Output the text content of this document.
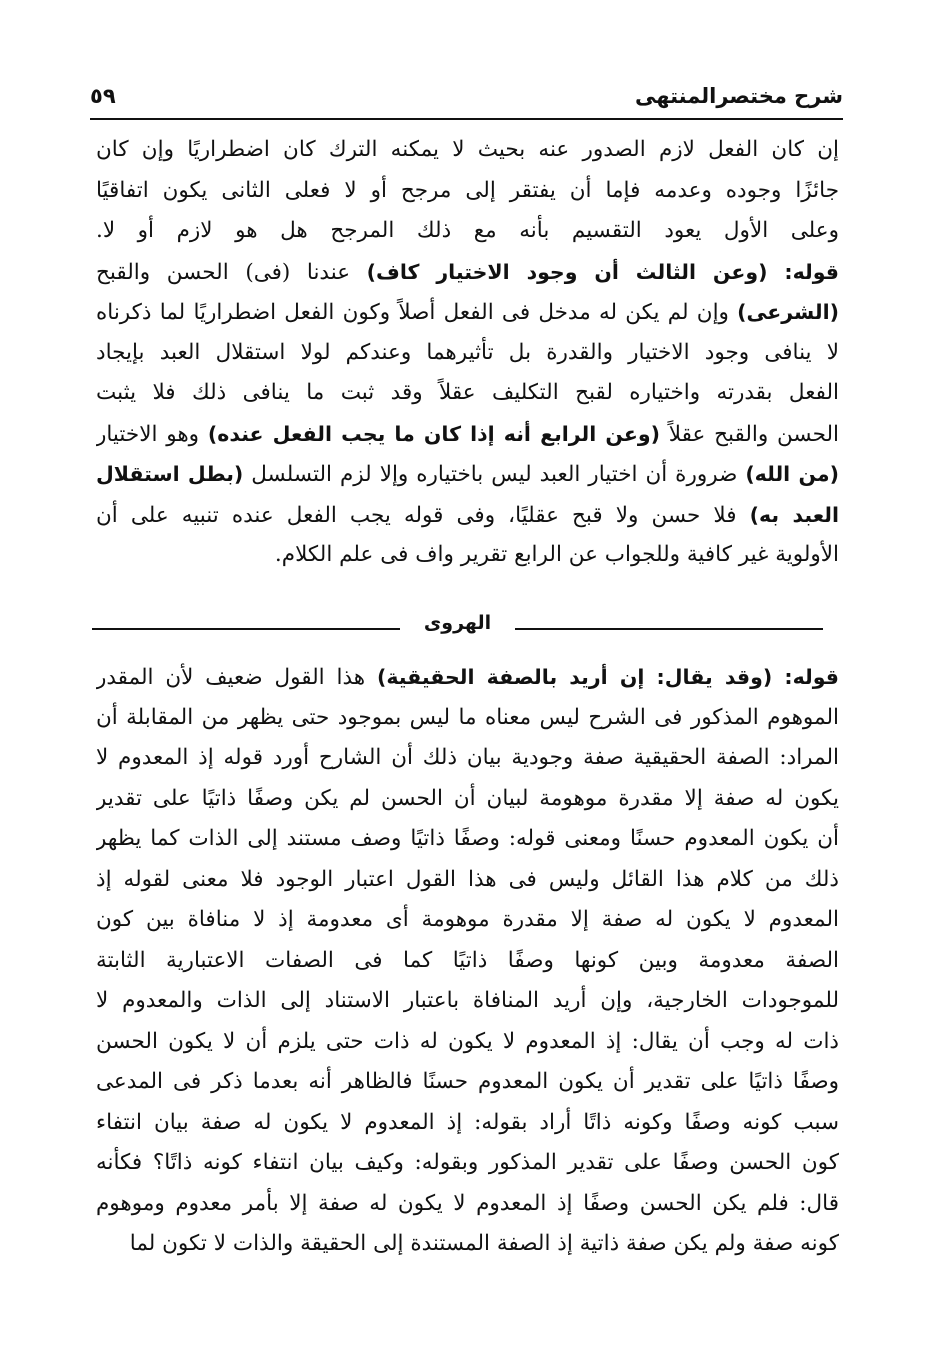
شرح مختصرالمنتهى
٥٩
إن كان الفعل لازم الصدور عنه بحيث لا يمكنه الترك كان اضطراريًا وإن كان
جائزًا وجوده وعدمه فإما أن يفتقر إلى مرجح أو لا فعلى الثانى يكون اتفاقيًا
وعلى الأول يعود التقسيم بأنه مع ذلك المرجح هل هو لازم أو لا.
قوله: (وعن الثالث أن وجود الاختيار كاف) عندنا (فى) الحسن والقبح
(الشرعى) وإن لم يكن له مدخل فى الفعل أصلاً وكون الفعل اضطراريًا لما ذكرناه
لا ينافى وجود الاختيار والقدرة بل تأثيرهما وعندكم لولا استقلال العبد بإيجاد
الفعل بقدرته واختياره لقبح التكليف عقلاً وقد ثبت ما ينافى ذلك فلا يثبت
الحسن والقبح عقلاً (وعن الرابع أنه إذا كان ما يجب الفعل عنده) وهو الاختيار
(من الله) ضرورة أن اختيار العبد ليس باختياره وإلا لزم التسلسل (بطل استقلال
العبد به) فلا حسن ولا قبح عقليًا، وفى قوله يجب الفعل عنده تنبيه على أن
الأولوية غير كافية وللجواب عن الرابع تقرير واف فى علم الكلام.
الهروى
قوله: (وقد يقال: إن أريد بالصفة الحقيقية) هذا القول ضعيف لأن المقدر
الموهوم المذكور فى الشرح ليس معناه ما ليس بموجود حتى يظهر من المقابلة أن
المراد: الصفة الحقيقية صفة وجودية بيان ذلك أن الشارح أورد قوله إذ المعدوم لا
يكون له صفة إلا مقدرة موهومة لبيان أن الحسن لم يكن وصفًا ذاتيًا على تقدير
أن يكون المعدوم حسنًا ومعنى قوله: وصفًا ذاتيًا وصف مستند إلى الذات كما يظهر
ذلك من كلام هذا القائل وليس فى هذا القول اعتبار الوجود فلا معنى لقوله إذ
المعدوم لا يكون له صفة إلا مقدرة موهومة أى معدومة إذ لا منافاة بين كون
الصفة معدومة وبين كونها وصفًا ذاتيًا كما فى الصفات الاعتبارية الثابتة
للموجودات الخارجية، وإن أريد المنافاة باعتبار الاستناد إلى الذات والمعدوم لا
ذات له وجب أن يقال: إذ المعدوم لا يكون له ذات حتى يلزم أن لا يكون الحسن
وصفًا ذاتيًا على تقدير أن يكون المعدوم حسنًا فالظاهر أنه بعدما ذكر فى المدعى
سبب كونه وصفًا وكونه ذاتًا أراد بقوله: إذ المعدوم لا يكون له صفة بيان انتفاء
كون الحسن وصفًا على تقدير المذكور وبقوله: وكيف بيان انتفاء كونه ذاتًا؟ فكأنه
قال: فلم يكن الحسن وصفًا إذ المعدوم لا يكون له صفة إلا بأمر معدوم وموهوم
كونه صفة ولم يكن صفة ذاتية إذ الصفة المستندة إلى الحقيقة والذات لا تكون لما
